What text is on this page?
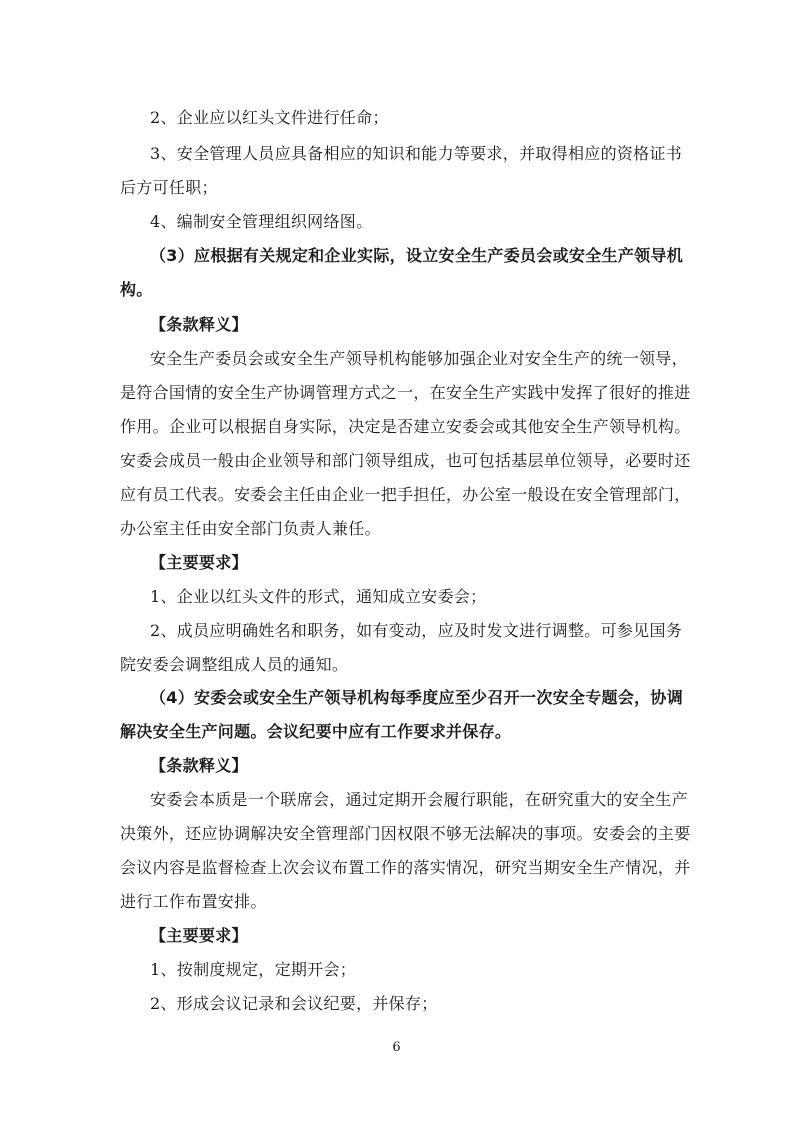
2、企业应以红头文件进行任命；
3、安全管理人员应具备相应的知识和能力等要求，并取得相应的资格证书
后方可任职；
4、编制安全管理组织网络图。
（3）应根据有关规定和企业实际，设立安全生产委员会或安全生产领导机
构。
【条款释义】
安全生产委员会或安全生产领导机构能够加强企业对安全生产的统一领导，
是符合国情的安全生产协调管理方式之一，在安全生产实践中发挥了很好的推进
作用。企业可以根据自身实际，决定是否建立安委会或其他安全生产领导机构。
安委会成员一般由企业领导和部门领导组成，也可包括基层单位领导，必要时还
应有员工代表。安委会主任由企业一把手担任，办公室一般设在安全管理部门，
办公室主任由安全部门负责人兼任。
【主要要求】
1、企业以红头文件的形式，通知成立安委会；
2、成员应明确姓名和职务，如有变动，应及时发文进行调整。可参见国务
院安委会调整组成人员的通知。
（4）安委会或安全生产领导机构每季度应至少召开一次安全专题会，协调
解决安全生产问题。会议纪要中应有工作要求并保存。
【条款释义】
安委会本质是一个联席会，通过定期开会履行职能，在研究重大的安全生产
决策外，还应协调解决安全管理部门因权限不够无法解决的事项。安委会的主要
会议内容是监督检查上次会议布置工作的落实情况，研究当期安全生产情况，并
进行工作布置安排。
【主要要求】
1、按制度规定，定期开会；
2、形成会议记录和会议纪要，并保存；
6
